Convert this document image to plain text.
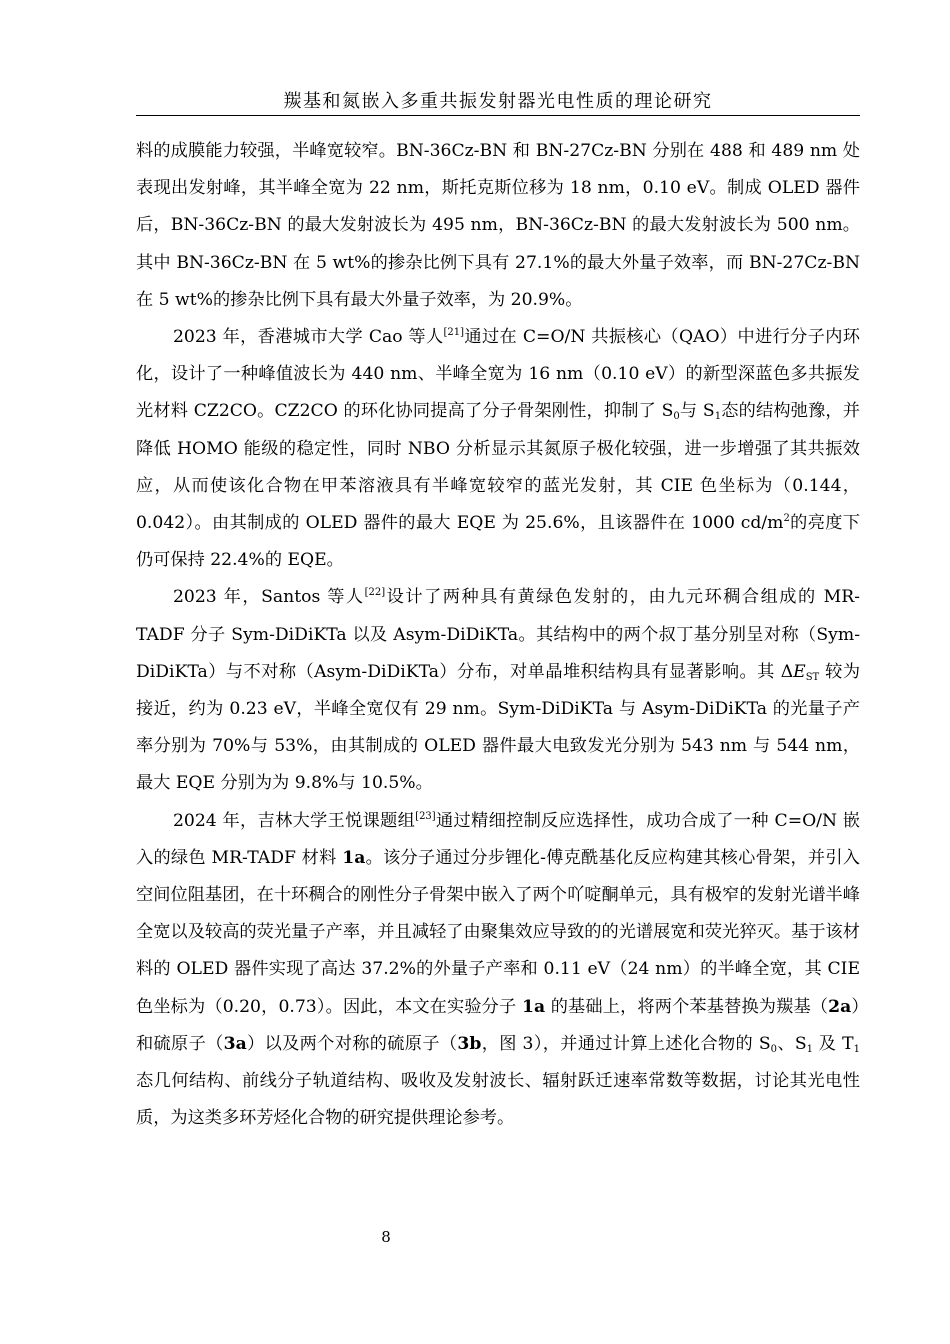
羰基和氮嵌入多重共振发射器光电性质的理论研究

料的成膜能力较强，半峰宽较窄。BN-36Cz-BN 和 BN-27Cz-BN 分别在 488 和 489 nm 处表现出发射峰，其半峰全宽为 22 nm，斯托克斯位移为 18 nm，0.10 eV。制成 OLED 器件后，BN-36Cz-BN 的最大发射波长为 495 nm，BN-36Cz-BN 的最大发射波长为 500 nm。其中 BN-36Cz-BN 在 5 wt%的掺杂比例下具有 27.1%的最大外量子效率，而 BN-27Cz-BN 在 5 wt%的掺杂比例下具有最大外量子效率，为 20.9%。

2023 年，香港城市大学 Cao 等人[21]通过在 C=O/N 共振核心（QAO）中进行分子内环化，设计了一种峰值波长为 440 nm、半峰全宽为 16 nm（0.10 eV）的新型深蓝色多共振发光材料 CZ2CO。CZ2CO 的环化协同提高了分子骨架刚性，抑制了 $S_0$与 $S_1$态的结构弛豫，并降低 HOMO 能级的稳定性，同时 NBO 分析显示其氮原子极化较强，进一步增强了其共振效应，从而使该化合物在甲苯溶液具有半峰宽较窄的蓝光发射，其 CIE 色坐标为（0.144，0.042）。由其制成的 OLED 器件的最大 EQE 为 25.6%，且该器件在 1000 $cd/m^2$的亮度下仍可保持 22.4%的 EQE。

2023 年，Santos 等人[22]设计了两种具有黄绿色发射的，由九元环稠合组成的 MR-TADF 分子 Sym-DiDiKTa 以及 Asym-DiDiKTa。其结构中的两个叔丁基分别呈对称（Sym-DiDiKTa）与不对称（Asym-DiDiKTa）分布，对单晶堆积结构具有显著影响。其 $\Delta E_{ST}$ 较为接近，约为 0.23 eV，半峰全宽仅有 29 nm。Sym-DiDiKTa 与 Asym-DiDiKTa 的光量子产率分别为 70%与 53%，由其制成的 OLED 器件最大电致发光分别为 543 nm 与 544 nm，最大 EQE 分别为为 9.8%与 10.5%。

2024 年，吉林大学王悦课题组[23]通过精细控制反应选择性，成功合成了一种 C=O/N 嵌入的绿色 MR-TADF 材料 1a。该分子通过分步锂化-傅克酰基化反应构建其核心骨架，并引入空间位阻基团，在十环稠合的刚性分子骨架中嵌入了两个吖啶酮单元，具有极窄的发射光谱半峰全宽以及较高的荧光量子产率，并且减轻了由聚集效应导致的的光谱展宽和荧光猝灭。基于该材料的 OLED 器件实现了高达 37.2%的外量子产率和 0.11 eV（24 nm）的半峰全宽，其 CIE 色坐标为（0.20，0.73）。因此，本文在实验分子 1a 的基础上，将两个苯基替换为羰基（2a）和硫原子（3a）以及两个对称的硫原子（3b，图 3），并通过计算上述化合物的 $S_0$、$S_1$ 及 $T_1$ 态几何结构、前线分子轨道结构、吸收及发射波长、辐射跃迁速率常数等数据，讨论其光电性质，为这类多环芳烃化合物的研究提供理论参考。

8
